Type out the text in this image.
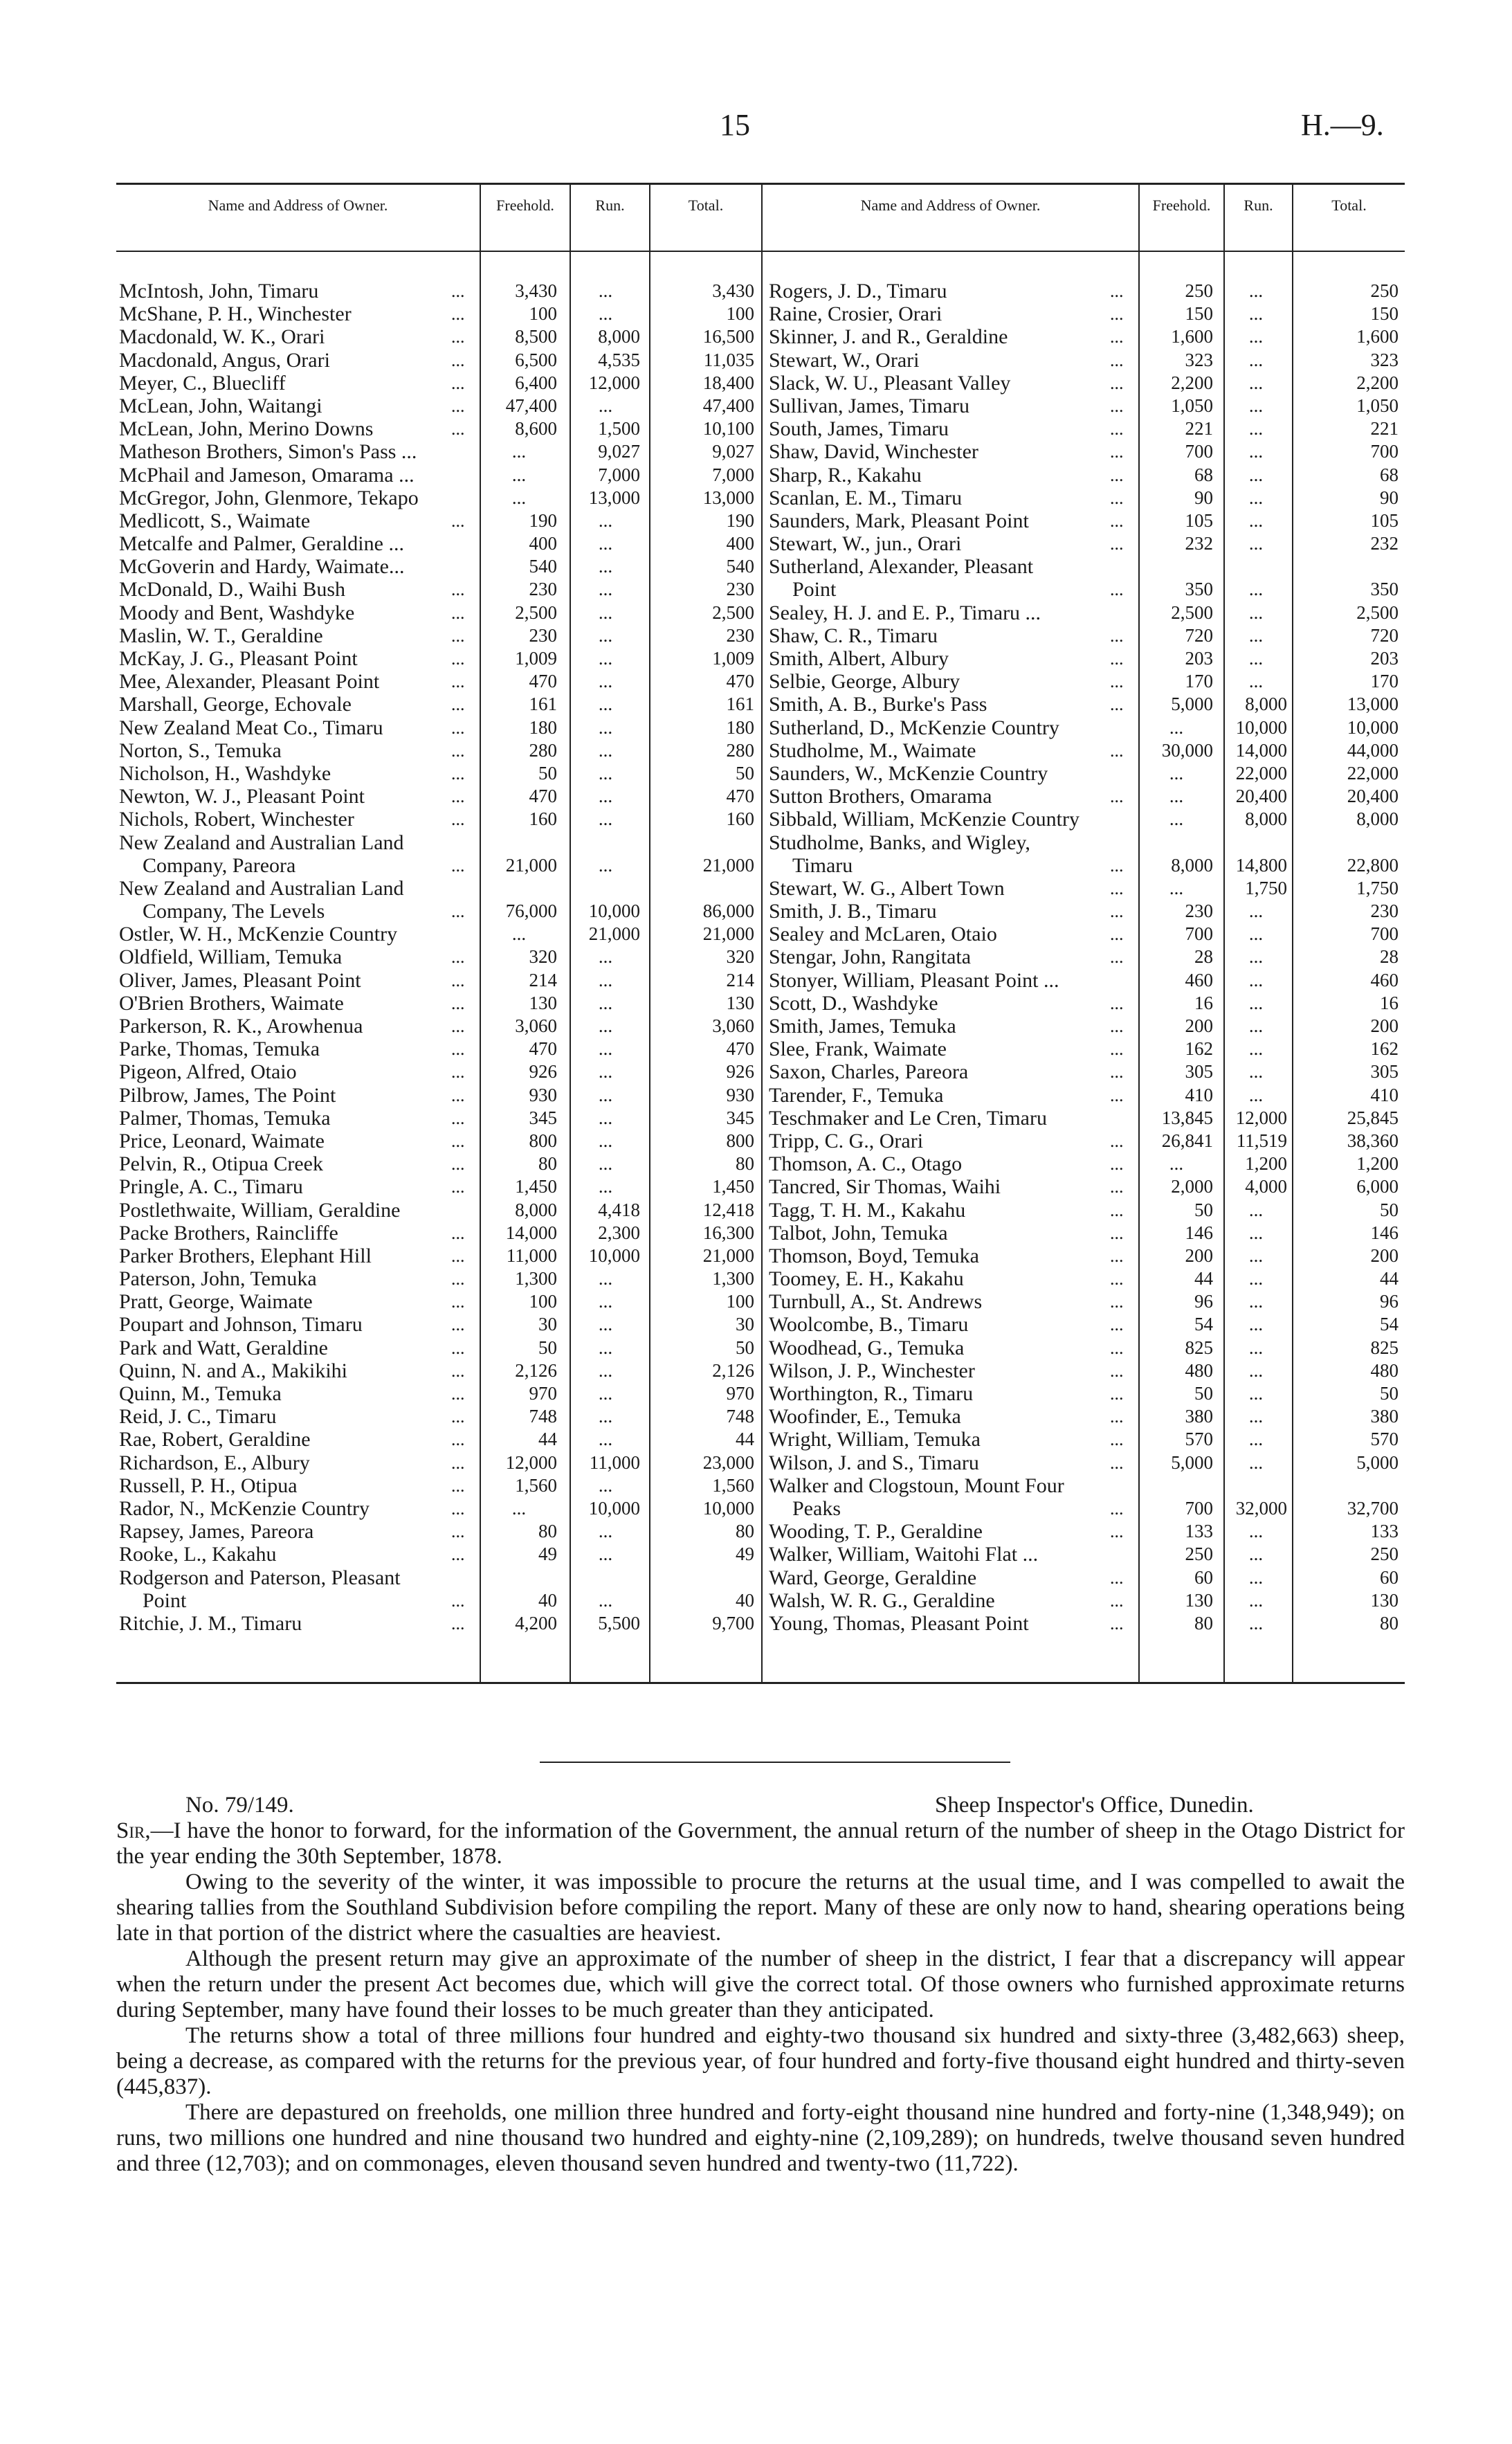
15	H.—9.
Name and Address of Owner.	Freehold.	Run.	Total.	Name and Address of Owner.	Freehold.	Run.	Total.
McIntosh, John, Timaru	...	3,430	...	3,430
McShane, P. H., Winchester	...	100	...	100
Macdonald, W. K., Orari	...	8,500	8,000	16,500
Macdonald, Angus, Orari	...	6,500	4,535	11,035
Meyer, C., Bluecliff	...	6,400	12,000	18,400
McLean, John, Waitangi	...	47,400	...	47,400
McLean, John, Merino Downs	...	8,600	1,500	10,100
Matheson Brothers, Simon's Pass ...	...	9,027	9,027
McPhail and Jameson, Omarama ...	...	7,000	7,000
McGregor, John, Glenmore, Tekapo	...	13,000	13,000
Medlicott, S., Waimate	...	190	...	190
Metcalfe and Palmer, Geraldine ...	400	...	400
McGoverin and Hardy, Waimate...	540	...	540
McDonald, D., Waihi Bush	...	230	...	230
Moody and Bent, Washdyke	...	2,500	...	2,500
Maslin, W. T., Geraldine	...	230	...	230
McKay, J. G., Pleasant Point	...	1,009	...	1,009
Mee, Alexander, Pleasant Point	...	470	...	470
Marshall, George, Echovale	...	161	...	161
New Zealand Meat Co., Timaru	...	180	...	180
Norton, S., Temuka	...	280	...	280
Nicholson, H., Washdyke	...	50	...	50
Newton, W. J., Pleasant Point	...	470	...	470
Nichols, Robert, Winchester	...	160	...	160
New Zealand and Australian Land
Company, Pareora	...	21,000	...	21,000
New Zealand and Australian Land
Company, The Levels	...	76,000	10,000	86,000
Ostler, W. H., McKenzie Country	...	21,000	21,000
Oldfield, William, Temuka	...	320	...	320
Oliver, James, Pleasant Point	...	214	...	214
O'Brien Brothers, Waimate	...	130	...	130
Parkerson, R. K., Arowhenua	...	3,060	...	3,060
Parke, Thomas, Temuka	...	470	...	470
Pigeon, Alfred, Otaio	...	926	...	926
Pilbrow, James, The Point	...	930	...	930
Palmer, Thomas, Temuka	...	345	...	345
Price, Leonard, Waimate	...	800	...	800
Pelvin, R., Otipua Creek	...	80	...	80
Pringle, A. C., Timaru	...	1,450	...	1,450
Postlethwaite, William, Geraldine	8,000	4,418	12,418
Packe Brothers, Raincliffe	...	14,000	2,300	16,300
Parker Brothers, Elephant Hill	...	11,000	10,000	21,000
Paterson, John, Temuka	...	1,300	...	1,300
Pratt, George, Waimate	...	100	...	100
Poupart and Johnson, Timaru	...	30	...	30
Park and Watt, Geraldine	...	50	...	50
Quinn, N. and A., Makikihi	...	2,126	...	2,126
Quinn, M., Temuka	...	970	...	970
Reid, J. C., Timaru	...	748	...	748
Rae, Robert, Geraldine	...	44	...	44
Richardson, E., Albury	...	12,000	11,000	23,000
Russell, P. H., Otipua	...	1,560	...	1,560
Rador, N., McKenzie Country	...	...	10,000	10,000
Rapsey, James, Pareora	...	80	...	80
Rooke, L., Kakahu	...	49	...	49
Rodgerson and Paterson, Pleasant
Point	...	40	...	40
Ritchie, J. M., Timaru	...	4,200	5,500	9,700
Rogers, J. D., Timaru	...	250	...	250
Raine, Crosier, Orari	...	150	...	150
Skinner, J. and R., Geraldine	...	1,600	...	1,600
Stewart, W., Orari	...	323	...	323
Slack, W. U., Pleasant Valley	...	2,200	...	2,200
Sullivan, James, Timaru	...	1,050	...	1,050
South, James, Timaru	...	221	...	221
Shaw, David, Winchester	...	700	...	700
Sharp, R., Kakahu	...	68	...	68
Scanlan, E. M., Timaru	...	90	...	90
Saunders, Mark, Pleasant Point	...	105	...	105
Stewart, W., jun., Orari	...	232	...	232
Sutherland, Alexander, Pleasant
Point	...	350	...	350
Sealey, H. J. and E. P., Timaru ...	2,500	...	2,500
Shaw, C. R., Timaru	...	720	...	720
Smith, Albert, Albury	...	203	...	203
Selbie, George, Albury	...	170	...	170
Smith, A. B., Burke's Pass	...	5,000	8,000	13,000
Sutherland, D., McKenzie Country	...	10,000	10,000
Studholme, M., Waimate	...	30,000	14,000	44,000
Saunders, W., McKenzie Country	...	22,000	22,000
Sutton Brothers, Omarama	...	...	20,400	20,400
Sibbald, William, McKenzie Country	...	8,000	8,000
Studholme, Banks, and Wigley,
Timaru	...	8,000	14,800	22,800
Stewart, W. G., Albert Town	...	...	1,750	1,750
Smith, J. B., Timaru	...	230	...	230
Sealey and McLaren, Otaio	...	700	...	700
Stengar, John, Rangitata	...	28	...	28
Stonyer, William, Pleasant Point ...	460	...	460
Scott, D., Washdyke	...	16	...	16
Smith, James, Temuka	...	200	...	200
Slee, Frank, Waimate	...	162	...	162
Saxon, Charles, Pareora	...	305	...	305
Tarender, F., Temuka	...	410	...	410
Teschmaker and Le Cren, Timaru	13,845	12,000	25,845
Tripp, C. G., Orari	...	26,841	11,519	38,360
Thomson, A. C., Otago	...	...	1,200	1,200
Tancred, Sir Thomas, Waihi	...	2,000	4,000	6,000
Tagg, T. H. M., Kakahu	...	50	...	50
Talbot, John, Temuka	...	146	...	146
Thomson, Boyd, Temuka	...	200	...	200
Toomey, E. H., Kakahu	...	44	...	44
Turnbull, A., St. Andrews	...	96	...	96
Woolcombe, B., Timaru	...	54	...	54
Woodhead, G., Temuka	...	825	...	825
Wilson, J. P., Winchester	...	480	...	480
Worthington, R., Timaru	...	50	...	50
Woofinder, E., Temuka	...	380	...	380
Wright, William, Temuka	...	570	...	570
Wilson, J. and S., Timaru	...	5,000	...	5,000
Walker and Clogstoun, Mount Four
Peaks	...	700	32,000	32,700
Wooding, T. P., Geraldine	...	133	...	133
Walker, William, Waitohi Flat ...	250	...	250
Ward, George, Geraldine	...	60	...	60
Walsh, W. R. G., Geraldine	...	130	...	130
Young, Thomas, Pleasant Point	...	80	...	80
No. 79/149.	Sheep Inspector's Office, Dunedin.

Sir,—I have the honor to forward, for the information of the Government, the annual return of the number of sheep in the Otago District for the year ending the 30th September, 1878.

Owing to the severity of the winter, it was impossible to procure the returns at the usual time, and I was compelled to await the shearing tallies from the Southland Subdivision before compiling the report. Many of these are only now to hand, shearing operations being late in that portion of the district where the casualties are heaviest.

Although the present return may give an approximate of the number of sheep in the district, I fear that a discrepancy will appear when the return under the present Act becomes due, which will give the correct total. Of those owners who furnished approximate returns during September, many have found their losses to be much greater than they anticipated.

The returns show a total of three millions four hundred and eighty-two thousand six hundred and sixty-three (3,482,663) sheep, being a decrease, as compared with the returns for the previous year, of four hundred and forty-five thousand eight hundred and thirty-seven (445,837).

There are depastured on freeholds, one million three hundred and forty-eight thousand nine hundred and forty-nine (1,348,949); on runs, two millions one hundred and nine thousand two hundred and eighty-nine (2,109,289); on hundreds, twelve thousand seven hundred and three (12,703); and on commonages, eleven thousand seven hundred and twenty-two (11,722).
